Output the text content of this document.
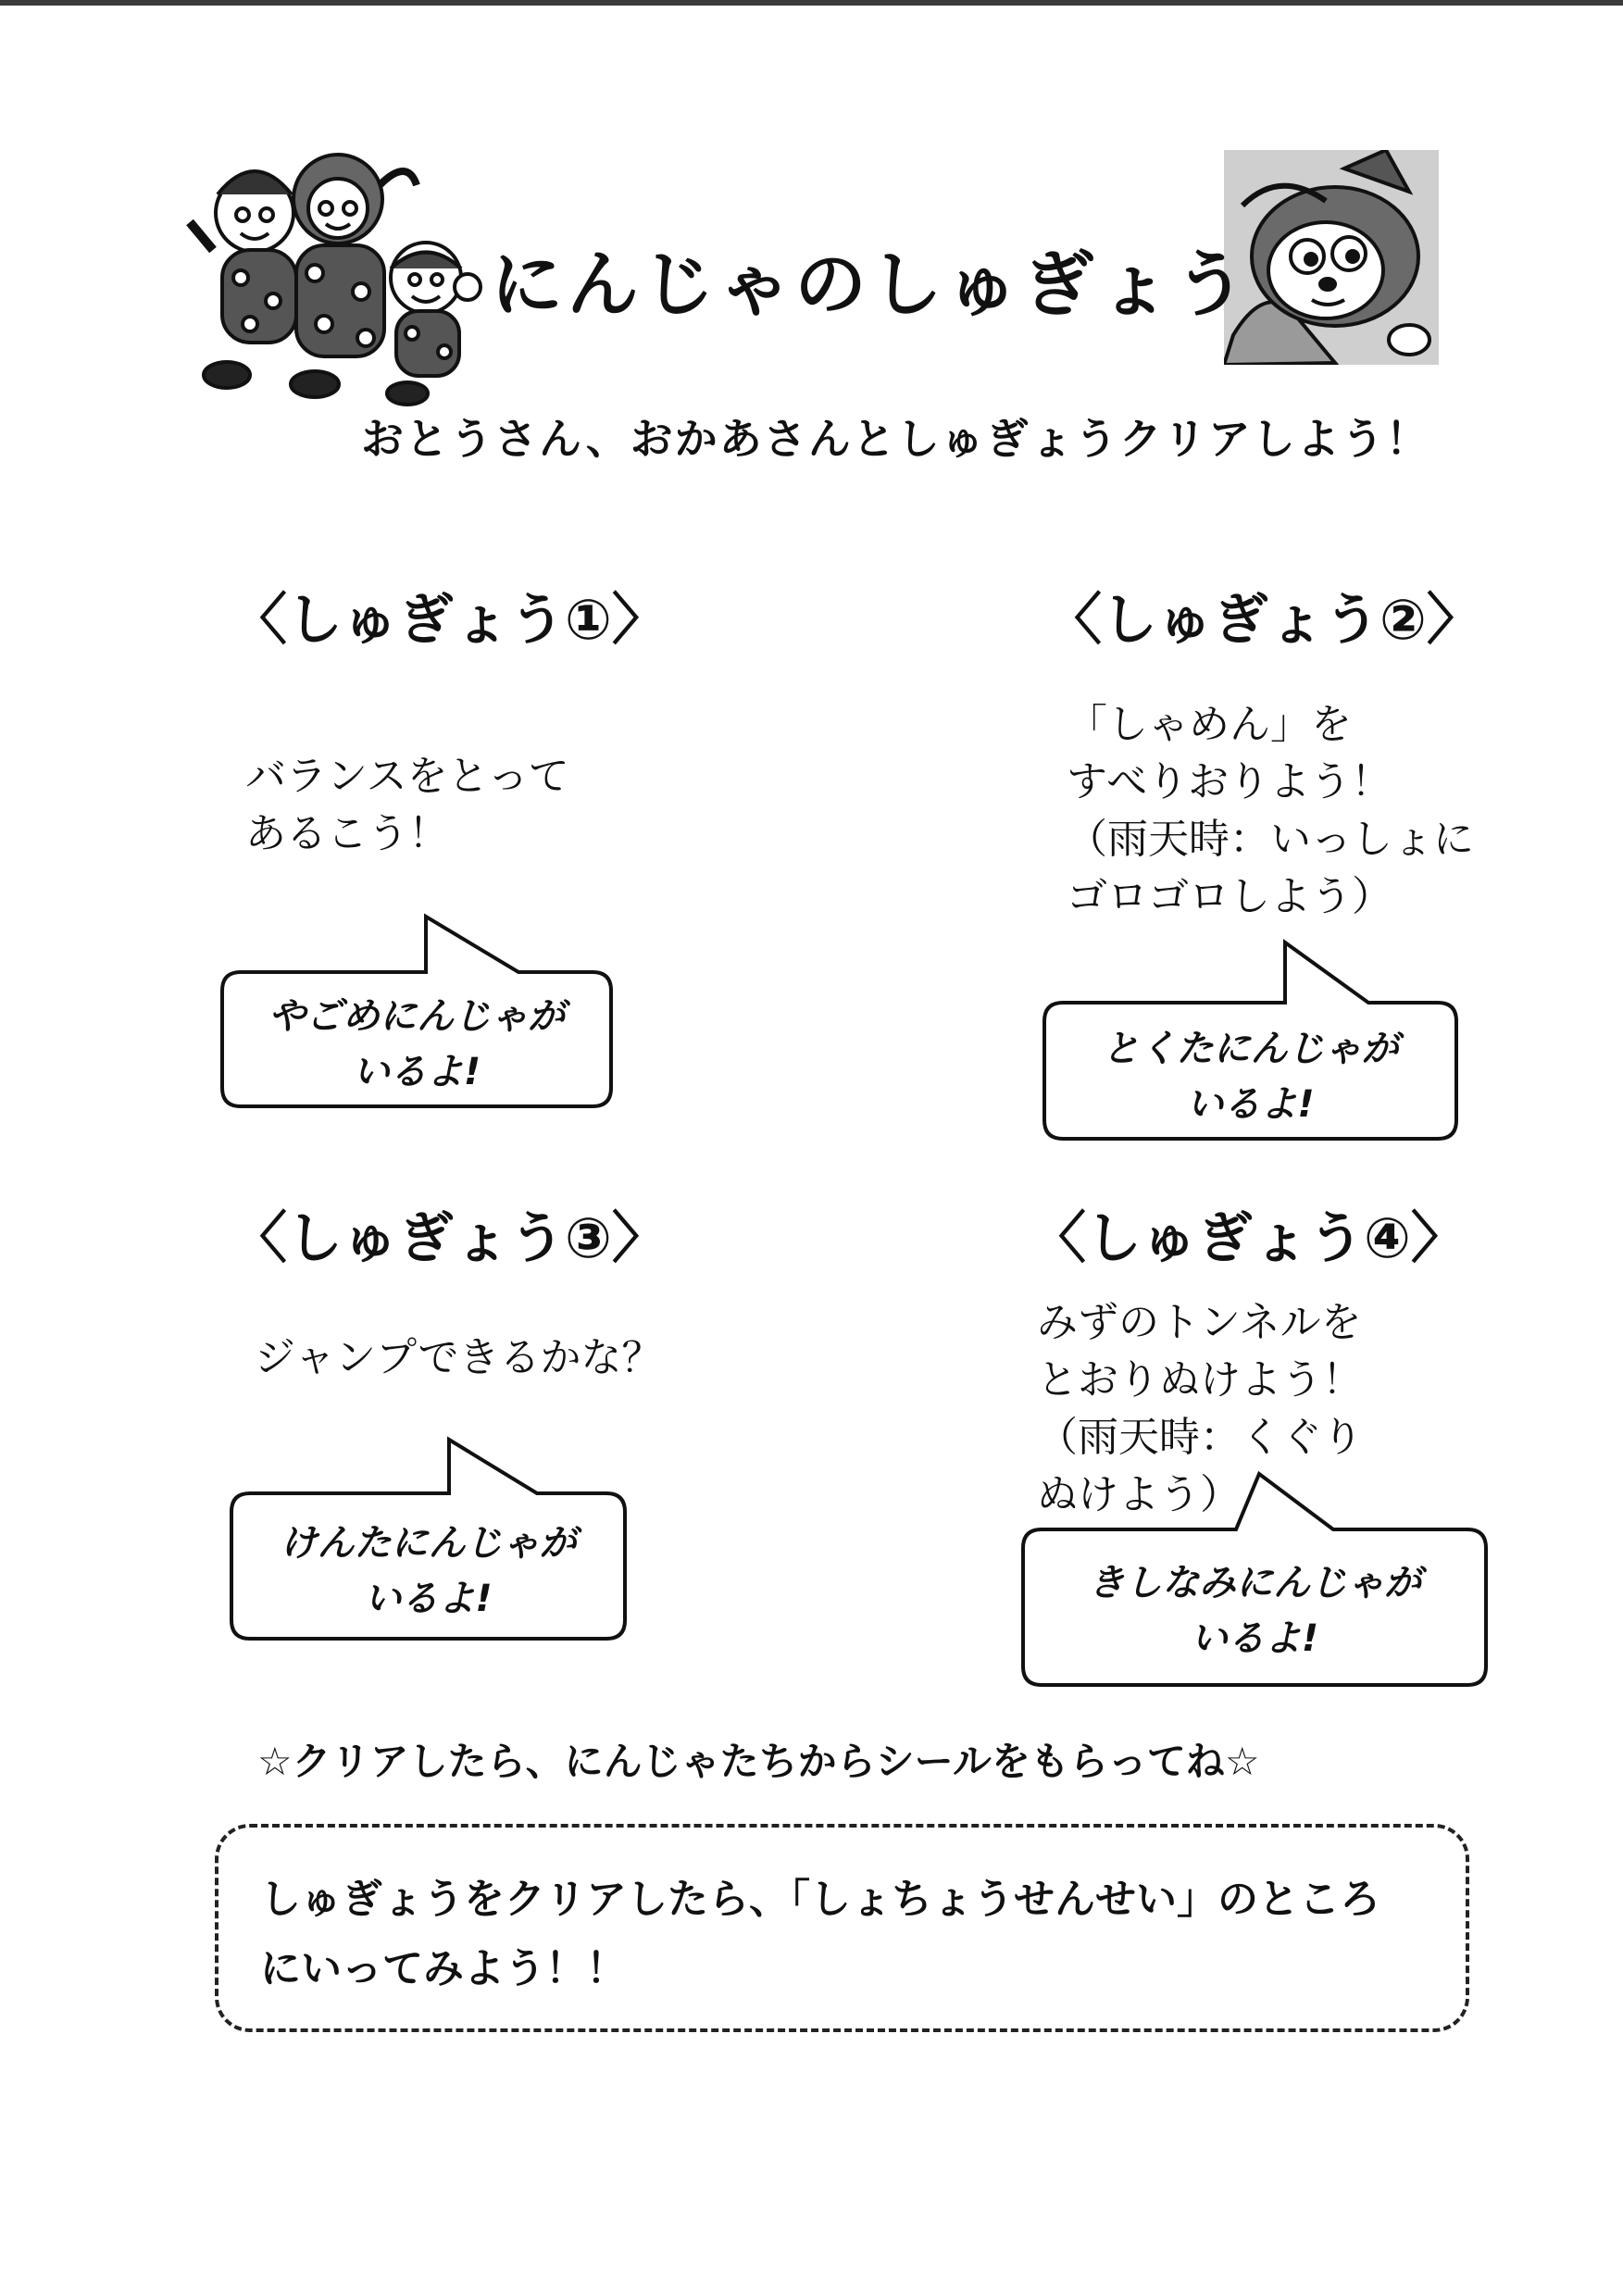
にんじゃのしゅぎょう

おとうさん、おかあさんとしゅぎょうクリアしよう！

〈しゅぎょう①〉
バランスをとって
あるこう！
やごめにんじゃが
いるよ!
〈しゅぎょう②〉
「しゃめん」を
すべりおりよう！
（雨天時：いっしょに
ゴロゴロしよう）
とくたにんじゃが
いるよ!
〈しゅぎょう③〉
ジャンプできるかな？
けんたにんじゃが
いるよ!
〈しゅぎょう④〉
みずのトンネルを
とおりぬけよう！
（雨天時：くぐり
ぬけよう）
きしなみにんじゃが
いるよ!

☆クリアしたら、にんじゃたちからシールをもらってね☆

しゅぎょうをクリアしたら、「しょちょうせんせい」のところ
にいってみよう！！
